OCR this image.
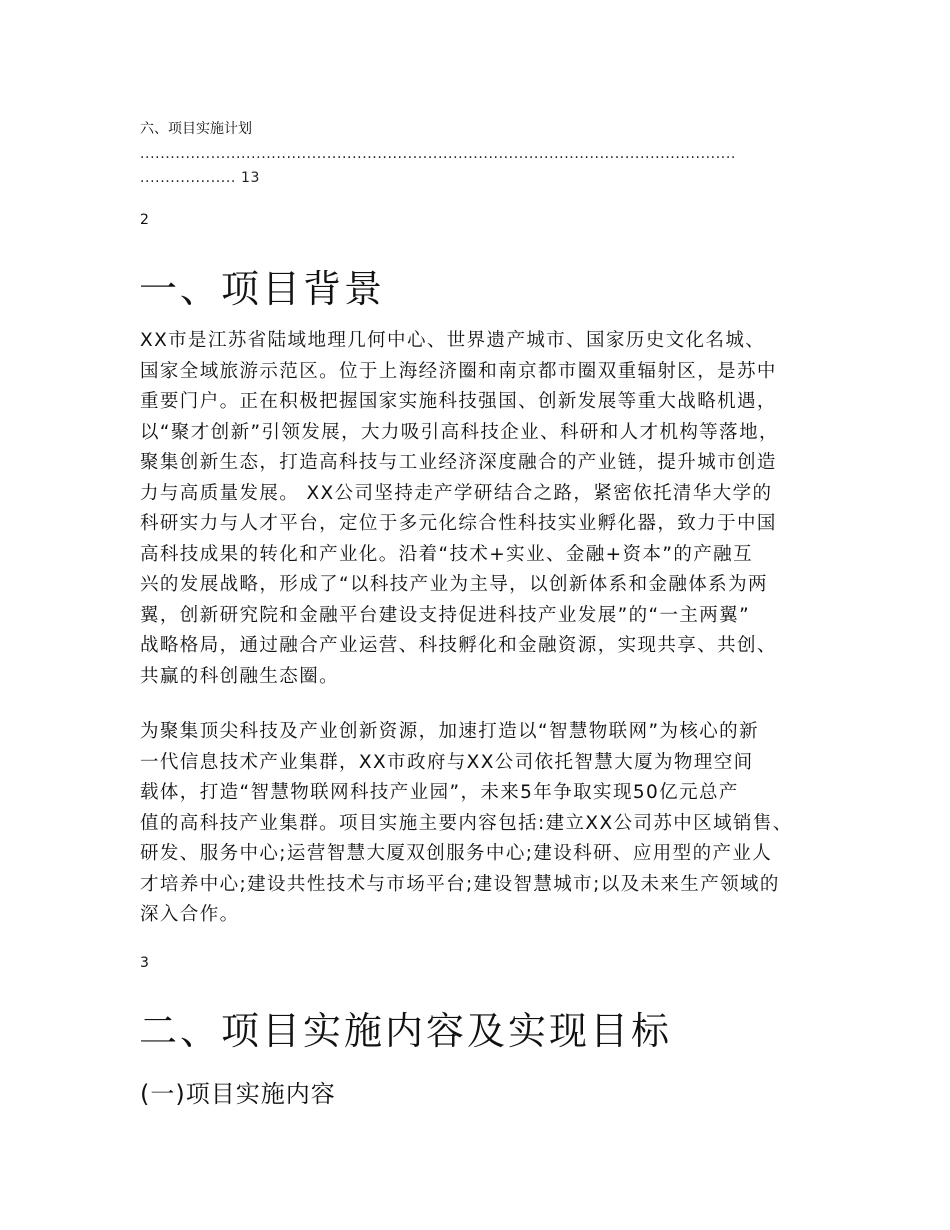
六、项目实施计划
......................................................................................................................
................... 13
2
一、项目背景
XX市是江苏省陆域地理几何中心、世界遗产城市、国家历史文化名城、
国家全域旅游示范区。位于上海经济圈和南京都市圈双重辐射区，是苏中
重要门户。正在积极把握国家实施科技强国、创新发展等重大战略机遇，
以“聚才创新”引领发展，大力吸引高科技企业、科研和人才机构等落地，
聚集创新生态，打造高科技与工业经济深度融合的产业链，提升城市创造
力与高质量发展。 XX公司坚持走产学研结合之路，紧密依托清华大学的
科研实力与人才平台，定位于多元化综合性科技实业孵化器，致力于中国
高科技成果的转化和产业化。沿着“技术+实业、金融+资本”的产融互
兴的发展战略，形成了“以科技产业为主导，以创新体系和金融体系为两
翼，创新研究院和金融平台建设支持促进科技产业发展”的“一主两翼”
战略格局，通过融合产业运营、科技孵化和金融资源，实现共享、共创、
共赢的科创融生态圈。
为聚集顶尖科技及产业创新资源，加速打造以“智慧物联网”为核心的新
一代信息技术产业集群，XX市政府与XX公司依托智慧大厦为物理空间
载体，打造“智慧物联网科技产业园”，未来5年争取实现50亿元总产
值的高科技产业集群。项目实施主要内容包括:建立XX公司苏中区域销售、
研发、服务中心;运营智慧大厦双创服务中心;建设科研、应用型的产业人
才培养中心;建设共性技术与市场平台;建设智慧城市;以及未来生产领域的
深入合作。
3
二、项目实施内容及实现目标
(一)项目实施内容
